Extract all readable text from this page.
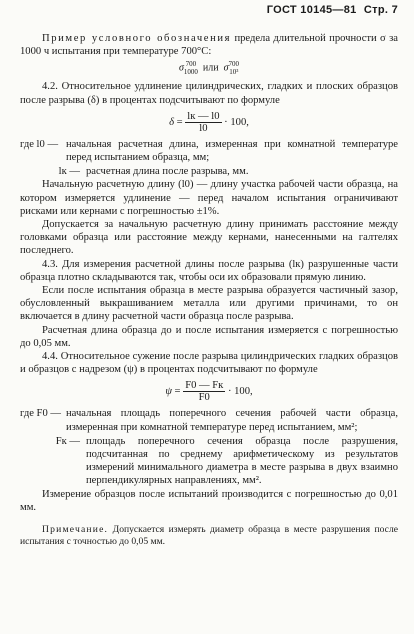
ГОСТ 10145—81 Стр. 7

Пример условного обозначения предела длительной прочности σ за 1000 ч испытания при температуре 700°С:

σ 700
1000 или σ 700
10³

4.2. Относительное удлинение цилиндрических, гладких и плоских образцов после разрыва (δ) в процентах подсчитывают по формуле

$\delta = \frac{lк — l0}{l0} \cdot 100$,
где l0 — начальная расчетная длина, измеренная при комнатной температуре перед испытанием образца, мм;
lк — расчетная длина после разрыва, мм.

Начальную расчетную длину (l0) — длину участка рабочей части образца, на котором измеряется удлинение — перед началом испытания ограничивают рисками или кернами с погрешностью ±1%.

Допускается за начальную расчетную длину принимать расстояние между головками образца или расстояние между кернами, нанесенными на галтелях последнего.

4.3. Для измерения расчетной длины после разрыва (lк) разрушенные части образца плотно складываются так, чтобы оси их образовали прямую линию.

Если после испытания образца в месте разрыва образуется частичный зазор, обусловленный выкрашиванием металла или другими причинами, то он включается в длину расчетной части образца после разрыва.

Расчетная длина образца до и после испытания измеряется с погрешностью до 0,05 мм.

4.4. Относительное сужение после разрыва цилиндрических гладких образцов и образцов с надрезом (ψ) в процентах подсчитывают по формуле

$\psi = \frac{F0 — Fк}{F0} \cdot 100$,
где F0 — начальная площадь поперечного сечения рабочей части образца, измеренная при комнатной температуре перед испытанием, мм²;
Fк — площадь поперечного сечения образца после разрушения, подсчитанная по среднему арифметическому из результатов измерений минимального диаметра в месте разрыва в двух взаимно перпендикулярных направлениях, мм².

Измерение образцов после испытаний производится с погрешностью до 0,01 мм.

Примечание. Допускается измерять диаметр образца в месте разрушения после испытания с точностью до 0,05 мм.
